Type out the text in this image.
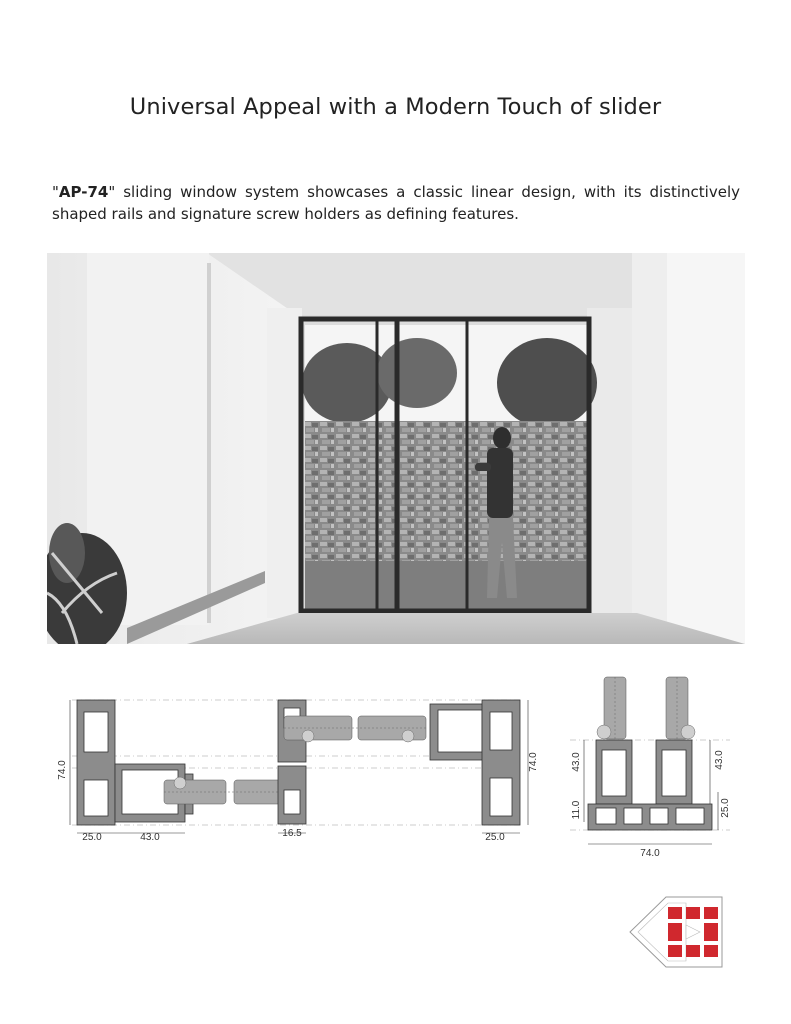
Universal Appeal with a Modern Touch of slider
"AP-74" sliding window system showcases a classic linear design, with its distinctively shaped rails and signature screw holders as defining features.
74.0	74.0
25.0	43.0	16.5	25.0
43.0
11.0
43.0
25.0
74.0
